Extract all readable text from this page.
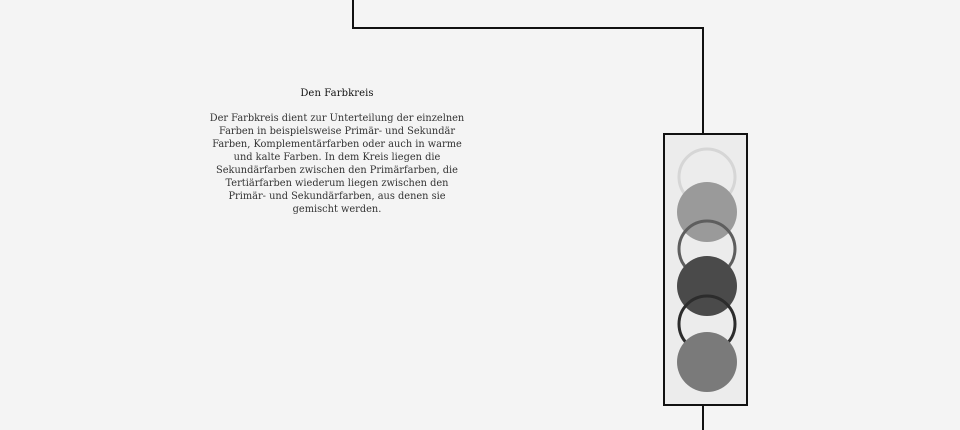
Den Farbkreis

Der Farbkreis dient zur Unterteilung der einzelnen Farben in beispielsweise Primär- und Sekundär Farben, Komplementärfarben oder auch in warme und kalte Farben. In dem Kreis liegen die Sekundärfarben zwischen den Primärfarben, die Tertiärfarben wiederum liegen zwischen den Primär- und Sekundärfarben, aus denen sie gemischt werden.
